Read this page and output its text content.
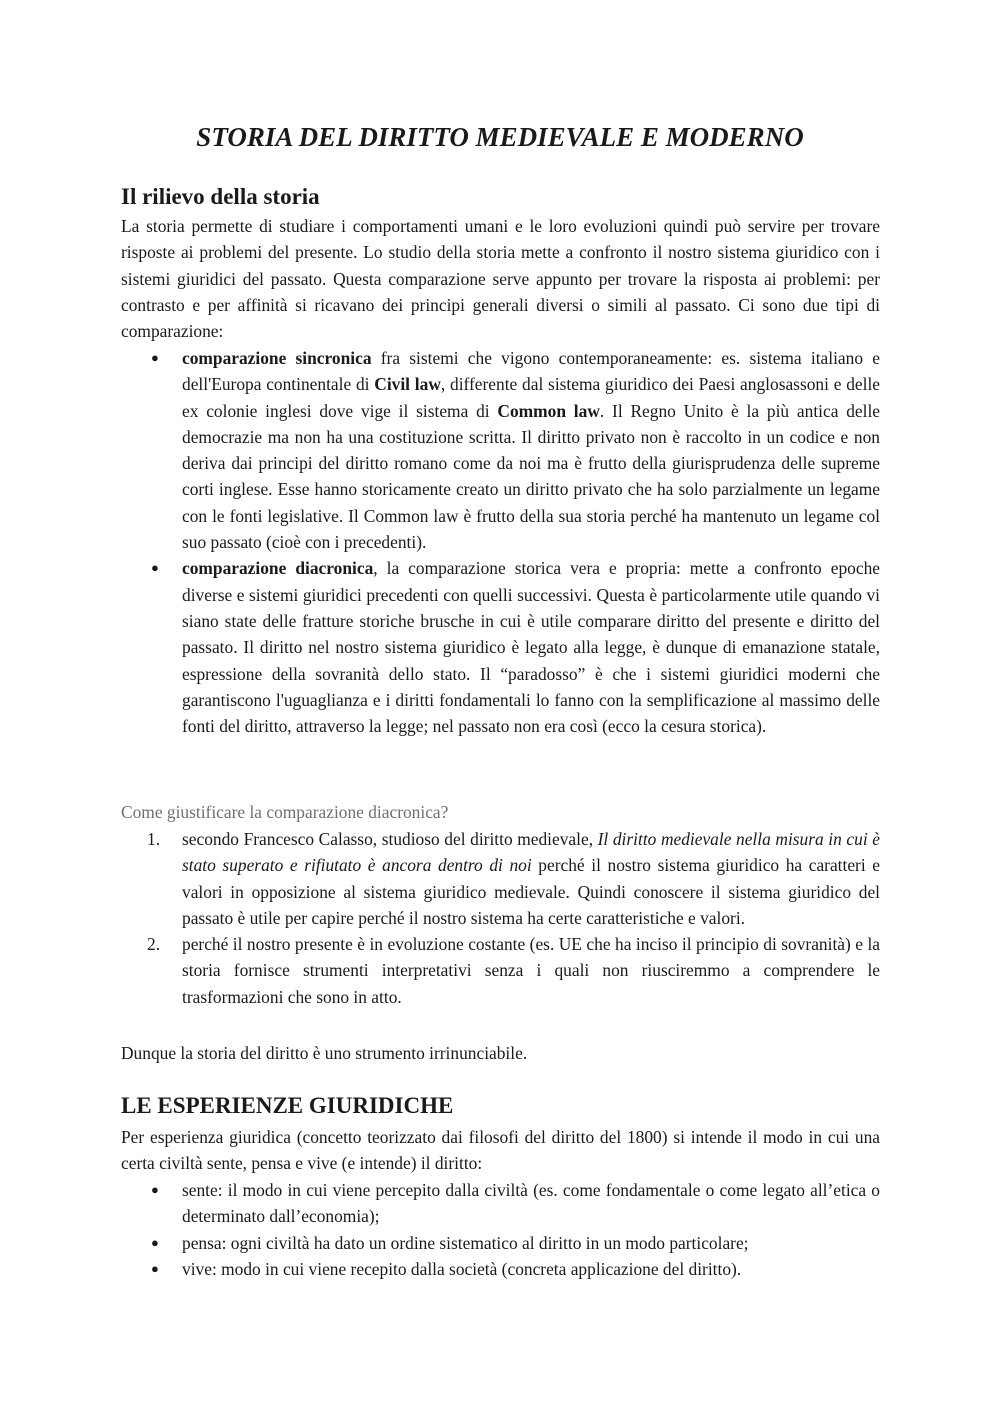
STORIA DEL DIRITTO MEDIEVALE E MODERNO
Il rilievo della storia

La storia permette di studiare i comportamenti umani e le loro evoluzioni quindi può servire per trovare risposte ai problemi del presente. Lo studio della storia mette a confronto il nostro sistema giuridico con i sistemi giuridici del passato. Questa comparazione serve appunto per trovare la risposta ai problemi: per contrasto e per affinità si ricavano dei principi generali diversi o simili al passato. Ci sono due tipi di comparazione:

●	comparazione sincronica fra sistemi che vigono contemporaneamente: es. sistema italiano e dell'Europa continentale di Civil law, differente dal sistema giuridico dei Paesi anglosassoni e delle ex colonie inglesi dove vige il sistema di Common law. Il Regno Unito è la più antica delle democrazie ma non ha una costituzione scritta. Il diritto privato non è raccolto in un codice e non deriva dai principi del diritto romano come da noi ma è frutto della giurisprudenza delle supreme corti inglese. Esse hanno storicamente creato un diritto privato che ha solo parzialmente un legame con le fonti legislative. Il Common law è frutto della sua storia perché ha mantenuto un legame col suo passato (cioè con i precedenti).
●	comparazione diacronica, la comparazione storica vera e propria: mette a confronto epoche diverse e sistemi giuridici precedenti con quelli successivi. Questa è particolarmente utile quando vi siano state delle fratture storiche brusche in cui è utile comparare diritto del presente e diritto del passato. Il diritto nel nostro sistema giuridico è legato alla legge, è dunque di emanazione statale, espressione della sovranità dello stato. Il “paradosso” è che i sistemi giuridici moderni che garantiscono l'uguaglianza e i diritti fondamentali lo fanno con la semplificazione al massimo delle fonti del diritto, attraverso la legge; nel passato non era così (ecco la cesura storica).

Come giustificare la comparazione diacronica?

1.	secondo Francesco Calasso, studioso del diritto medievale, Il diritto medievale nella misura in cui è stato superato e rifiutato è ancora dentro di noi perché il nostro sistema giuridico ha caratteri e valori in opposizione al sistema giuridico medievale. Quindi conoscere il sistema giuridico del passato è utile per capire perché il nostro sistema ha certe caratteristiche e valori.
2.	perché il nostro presente è in evoluzione costante (es. UE che ha inciso il principio di sovranità) e la storia fornisce strumenti interpretativi senza i quali non riusciremmo a comprendere le trasformazioni che sono in atto.

Dunque la storia del diritto è uno strumento irrinunciabile.

LE ESPERIENZE GIURIDICHE

Per esperienza giuridica (concetto teorizzato dai filosofi del diritto del 1800) si intende il modo in cui una certa civiltà sente, pensa e vive (e intende) il diritto:

●	sente: il modo in cui viene percepito dalla civiltà (es. come fondamentale o come legato all’etica o determinato dall’economia);
●	pensa: ogni civiltà ha dato un ordine sistematico al diritto in un modo particolare;
●	vive: modo in cui viene recepito dalla società (concreta applicazione del diritto).
